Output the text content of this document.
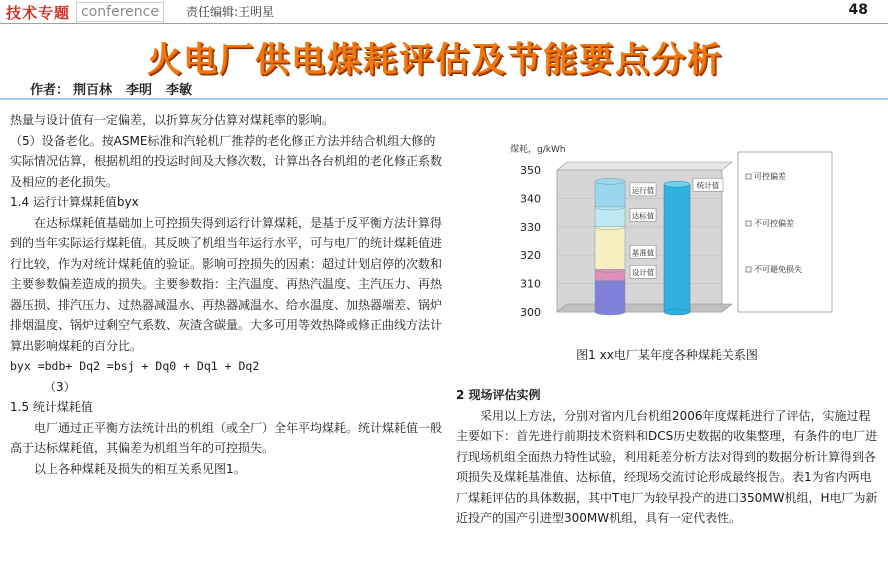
技术专题 conference	责任编辑:王明星	48
火电厂供电煤耗评估及节能要点分析
作者： 荆百林 李明 李敏

热量与设计值有一定偏差，以折算灰分估算对煤耗率的影响。

（5）设备老化。按ASME标准和汽轮机厂推荐的老化修正方法并结合机组大修的实际情况估算，根据机组的投运时间及大修次数，计算出各台机组的老化修正系数及相应的老化损失。

1.4 运行计算煤耗值byx

在达标煤耗值基础加上可控损失得到运行计算煤耗，是基于反平衡方法计算得到的当年实际运行煤耗值。其反映了机组当年运行水平，可与电厂的统计煤耗值进行比较，作为对统计煤耗值的验证。影响可控损失的因素：超过计划启停的次数和主要参数偏差造成的损失。主要参数指：主汽温度、再热汽温度、主汽压力、再热器压损、排汽压力、过热器减温水、再热器减温水、给水温度、加热器端差、锅炉排烟温度、锅炉过剩空气系数、灰渣含碳量。大多可用等效热降或修正曲线方法计算出影响煤耗的百分比。

byx =bdb+ Dq2 =bsj + Dq0 + Dq1 + Dq2

（3）

1.5 统计煤耗值

电厂通过正平衡方法统计出的机组（或全厂）全年平均煤耗。统计煤耗值一般高于达标煤耗值，其偏差为机组当年的可控损失。

以上各种煤耗及损失的相互关系见图1。

煤耗，g/kWh
300
310
320
330
340
350
运行值
达标值
基准值
设计值
统计值
可控偏差
不可控偏差
不可避免损失
图1 xx电厂某年度各种煤耗关系图

2 现场评估实例

采用以上方法，分别对省内几台机组2006年度煤耗进行了评估，实施过程主要如下：首先进行前期技术资料和DCS历史数据的收集整理，有条件的电厂进行现场机组全面热力特性试验，利用耗差分析方法对得到的数据分析计算得到各项损失及煤耗基准值、达标值，经现场交流讨论形成最终报告。表1为省内两电厂煤耗评估的具体数据，其中T电厂为较早投产的进口350MW机组，H电厂为新近投产的国产引进型300MW机组，具有一定代表性。
